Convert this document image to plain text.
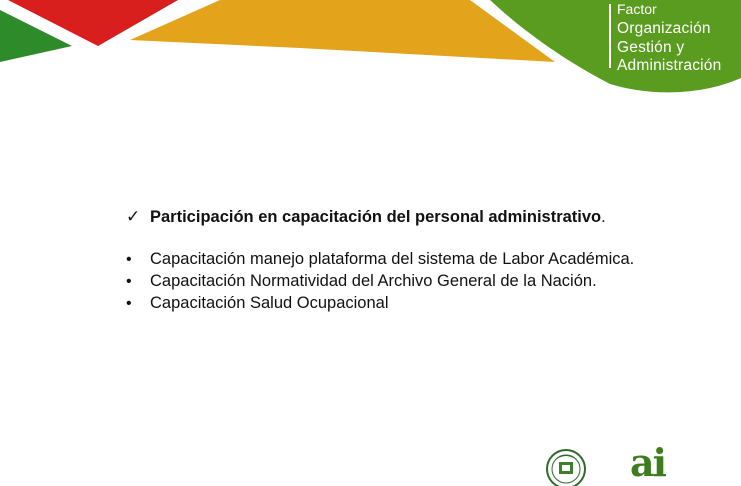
Factor
Organización
Gestión y
Administración
✓ Participación en capacitación del personal administrativo.
•	Capacitación manejo plataforma del sistema de Labor Académica.
•	Capacitación Normatividad del Archivo General de la Nación.
•	Capacitación Salud Ocupacional
ai
